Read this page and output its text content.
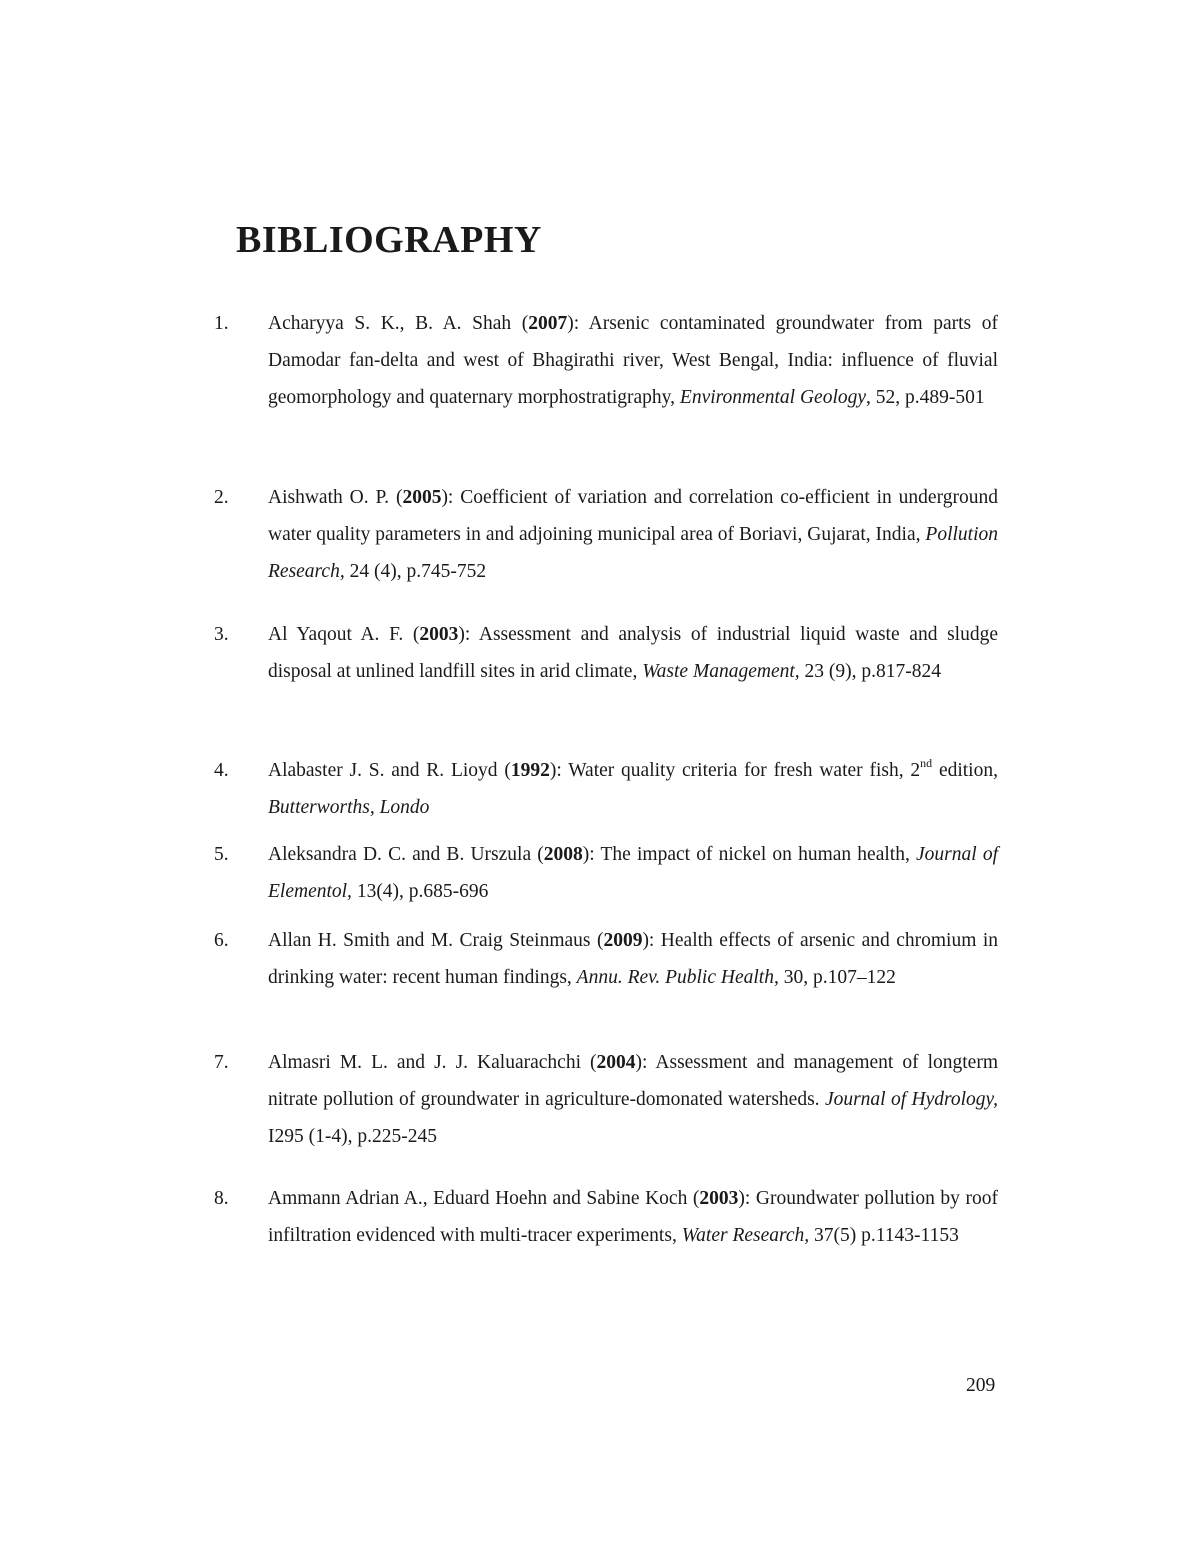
BIBLIOGRAPHY
1. Acharyya S. K., B. A. Shah (2007): Arsenic contaminated groundwater from parts of Damodar fan-delta and west of Bhagirathi river, West Bengal, India: influence of fluvial geomorphology and quaternary morphostratigraphy, Environmental Geology, 52, p.489-501
2. Aishwath O. P. (2005): Coefficient of variation and correlation co-efficient in underground water quality parameters in and adjoining municipal area of Boriavi, Gujarat, India, Pollution Research, 24 (4), p.745-752
3. Al Yaqout A. F. (2003): Assessment and analysis of industrial liquid waste and sludge disposal at unlined landfill sites in arid climate, Waste Management, 23 (9), p.817-824
4. Alabaster J. S. and R. Lioyd (1992): Water quality criteria for fresh water fish, 2nd edition, Butterworths, Londo
5. Aleksandra D. C. and B. Urszula (2008): The impact of nickel on human health, Journal of Elementol, 13(4), p.685-696
6. Allan H. Smith and M. Craig Steinmaus (2009): Health effects of arsenic and chromium in drinking water: recent human findings, Annu. Rev. Public Health, 30, p.107–122
7. Almasri M. L. and J. J. Kaluarachchi (2004): Assessment and management of longterm nitrate pollution of groundwater in agriculture-domonated watersheds. Journal of Hydrology, I295 (1-4), p.225-245
8. Ammann Adrian A., Eduard Hoehn and Sabine Koch (2003): Groundwater pollution by roof infiltration evidenced with multi-tracer experiments, Water Research, 37(5) p.1143-1153
209
